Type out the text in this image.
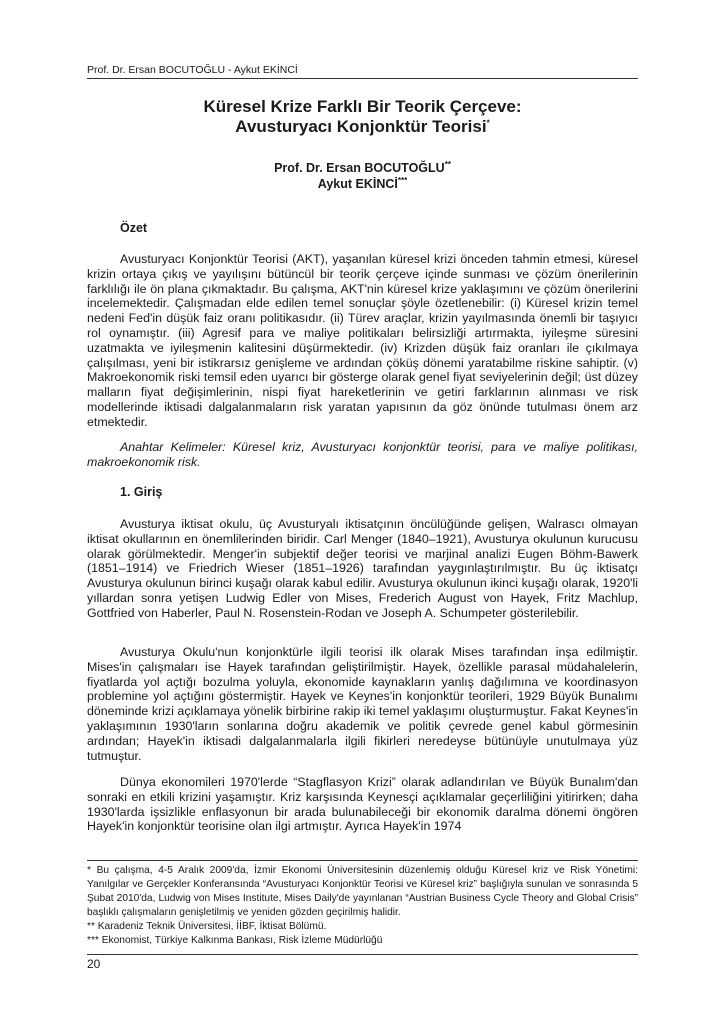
Prof. Dr. Ersan BOCUTOĞLU - Aykut EKİNCİ
Küresel Krize Farklı Bir Teorik Çerçeve:
Avusturyacı Konjonktür Teorisi*
Prof. Dr. Ersan BOCUTOĞLU**
Aykut EKİNCİ***
Özet

Avusturyacı Konjonktür Teorisi (AKT), yaşanılan küresel krizi önceden tahmin etmesi, küresel krizin ortaya çıkış ve yayılışını bütüncül bir teorik çerçeve içinde sunması ve çözüm önerilerinin farklılığı ile ön plana çıkmaktadır. Bu çalışma, AKT'nin küresel krize yaklaşımını ve çözüm önerilerini incelemektedir. Çalışmadan elde edilen temel sonuçlar şöyle özetlenebilir: (i) Küresel krizin temel nedeni Fed'in düşük faiz oranı politikasıdır. (ii) Türev araçlar, krizin yayılmasında önemli bir taşıyıcı rol oynamıştır. (iii) Agresif para ve maliye politikaları belirsizliği artırmakta, iyileşme süresini uzatmakta ve iyileşmenin kalitesini düşürmektedir. (iv) Krizden düşük faiz oranları ile çıkılmaya çalışılması, yeni bir istikrarsız genişleme ve ardından çöküş dönemi yaratabilme riskine sahiptir. (v) Makroekonomik riski temsil eden uyarıcı bir gösterge olarak genel fiyat seviyelerinin değil; üst düzey malların fiyat değişimlerinin, nispi fiyat hareketlerinin ve getiri farklarının alınması ve risk modellerinde iktisadi dalgalanmaların risk yaratan yapısının da göz önünde tutulması önem arz etmektedir.

Anahtar Kelimeler: Küresel kriz, Avusturyacı konjonktür teorisi, para ve maliye politikası, makroekonomik risk.

1. Giriş

Avusturya iktisat okulu, üç Avusturyalı iktisatçının öncülüğünde gelişen, Walrascı olmayan iktisat okullarının en önemlilerinden biridir. Carl Menger (1840–1921), Avusturya okulunun kurucusu olarak görülmektedir. Menger'in subjektif değer teorisi ve marjinal analizi Eugen Böhm-Bawerk (1851–1914) ve Friedrich Wieser (1851–1926) tarafından yaygınlaştırılmıştır. Bu üç iktisatçı Avusturya okulunun birinci kuşağı olarak kabul edilir. Avusturya okulunun ikinci kuşağı olarak, 1920'li yıllardan sonra yetişen Ludwig Edler von Mises, Frederich August von Hayek, Fritz Machlup, Gottfried von Haberler, Paul N. Rosenstein-Rodan ve Joseph A. Schumpeter gösterilebilir.

Avusturya Okulu'nun konjonktürle ilgili teorisi ilk olarak Mises tarafından inşa edilmiştir. Mises'in çalışmaları ise Hayek tarafından geliştirilmiştir. Hayek, özellikle parasal müdahalelerin, fiyatlarda yol açtığı bozulma yoluyla, ekonomide kaynakların yanlış dağılımına ve koordinasyon problemine yol açtığını göstermiştir. Hayek ve Keynes'in konjonktür teorileri, 1929 Büyük Bunalımı döneminde krizi açıklamaya yönelik birbirine rakip iki temel yaklaşımı oluşturmuştur. Fakat Keynes'in yaklaşımının 1930'ların sonlarına doğru akademik ve politik çevrede genel kabul görmesinin ardından; Hayek'in iktisadi dalgalanmalarla ilgili fikirleri neredeyse bütünüyle unutulmaya yüz tutmuştur.

Dünya ekonomileri 1970'lerde “Stagflasyon Krizi” olarak adlandırılan ve Büyük Bunalım'dan sonraki en etkili krizini yaşamıştır. Kriz karşısında Keynesçi açıklamalar geçerliliğini yitirirken; daha 1930'larda işsizlikle enflasyonun bir arada bulunabileceği bir ekonomik daralma dönemi öngören Hayek'in konjonktür teorisine olan ilgi artmıştır. Ayrıca Hayek'in 1974

* Bu çalışma, 4-5 Aralık 2009'da, İzmir Ekonomi Üniversitesinin düzenlemiş olduğu Küresel kriz ve Risk Yönetimi: Yanılgılar ve Gerçekler Konferansında “Avusturyacı Konjonktür Teorisi ve Küresel kriz” başlığıyla sunulan ve sonrasında 5 Şubat 2010'da, Ludwig von Mises Institute, Mises Daily'de yayınlanan “Austrian Business Cycle Theory and Global Crisis” başlıklı çalışmaların genişletilmiş ve yeniden gözden geçirilmiş halidir.

** Karadeniz Teknik Üniversitesi, İİBF, İktisat Bölümü.

*** Ekonomist, Türkiye Kalkınma Bankası, Risk İzleme Müdürlüğü

20
